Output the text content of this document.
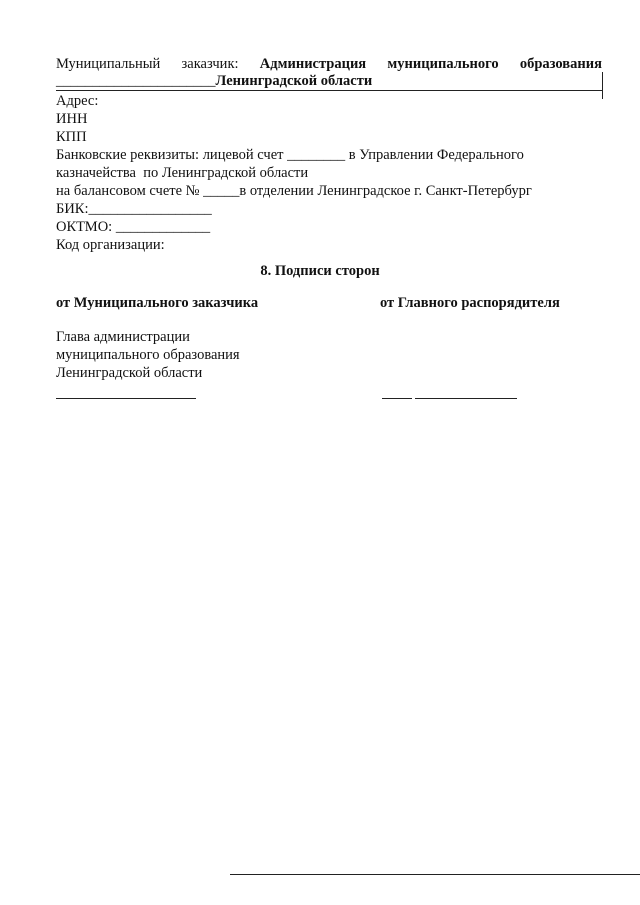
Муниципальный заказчик: Администрация муниципального образования
______________________Ленинградской области
Адрес:
ИНН
КПП
Банковские реквизиты: лицевой счет ________ в Управлении Федерального
казначейства  по Ленинградской области
на балансовом счете № _____в отделении Ленинградское г. Санкт-Петербург
БИК:_________________
ОКТМО: _____________
Код организации:
8. Подписи сторон
от Муниципального заказчика	от Главного распорядителя
Глава администрации
муниципального образования
Ленинградской области
